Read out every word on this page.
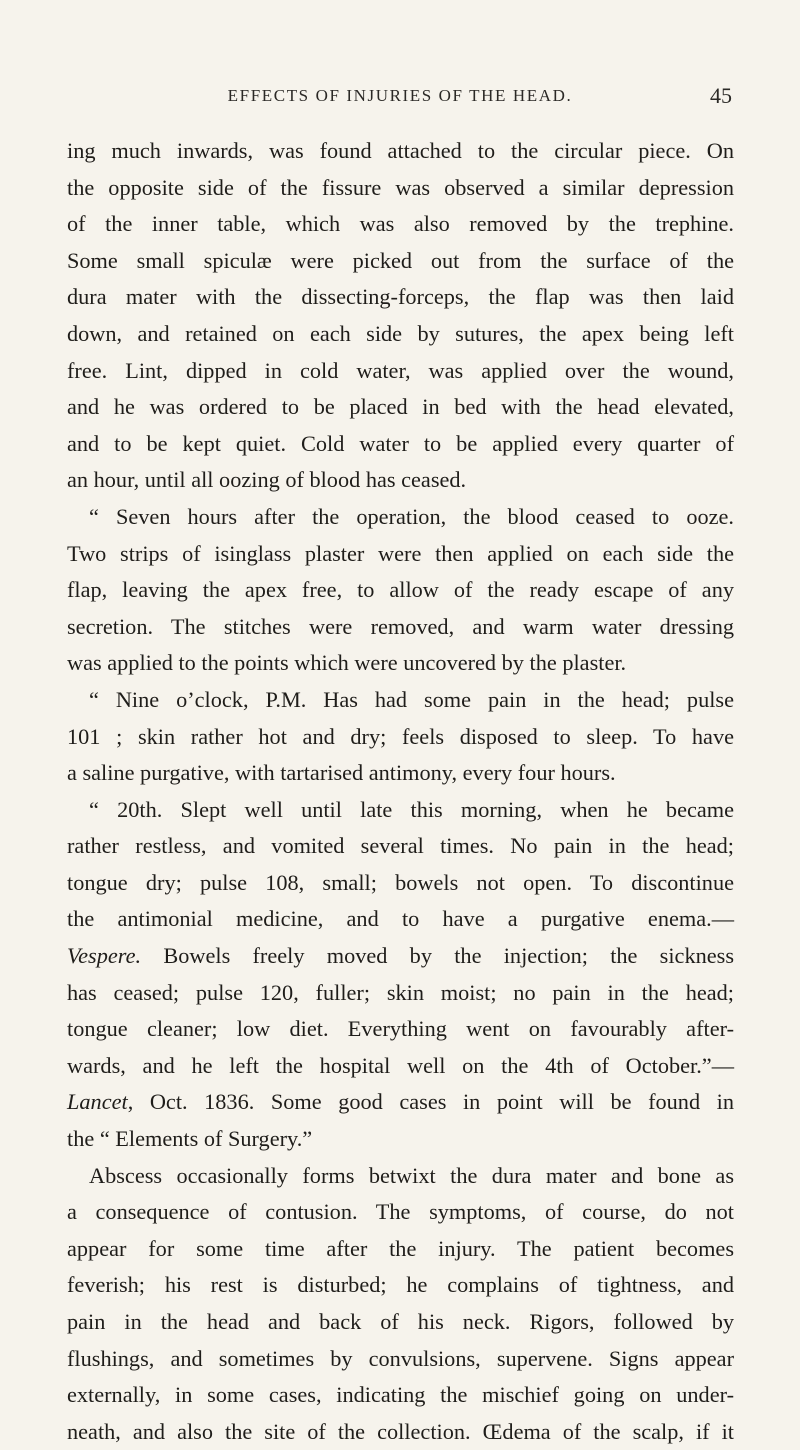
EFFECTS OF INJURIES OF THE HEAD.	45
ing much inwards, was found attached to the circular piece. On
the opposite side of the fissure was observed a similar depression
of the inner table, which was also removed by the trephine.
Some small spiculæ were picked out from the surface of the
dura mater with the dissecting-forceps, the flap was then laid
down, and retained on each side by sutures, the apex being left
free. Lint, dipped in cold water, was applied over the wound,
and he was ordered to be placed in bed with the head elevated,
and to be kept quiet. Cold water to be applied every quarter of
an hour, until all oozing of blood has ceased.
“ Seven hours after the operation, the blood ceased to ooze.
Two strips of isinglass plaster were then applied on each side the
flap, leaving the apex free, to allow of the ready escape of any
secretion. The stitches were removed, and warm water dressing
was applied to the points which were uncovered by the plaster.
“ Nine o’clock, P.M. Has had some pain in the head; pulse
101 ; skin rather hot and dry; feels disposed to sleep. To have
a saline purgative, with tartarised antimony, every four hours.
“ 20th. Slept well until late this morning, when he became
rather restless, and vomited several times. No pain in the head;
tongue dry; pulse 108, small; bowels not open. To discontinue
the antimonial medicine, and to have a purgative enema.—
Vespere. Bowels freely moved by the injection; the sickness
has ceased; pulse 120, fuller; skin moist; no pain in the head;
tongue cleaner; low diet. Everything went on favourably after-
wards, and he left the hospital well on the 4th of October.”—
Lancet, Oct. 1836. Some good cases in point will be found in
the “ Elements of Surgery.”
Abscess occasionally forms betwixt the dura mater and bone as
a consequence of contusion. The symptoms, of course, do not
appear for some time after the injury. The patient becomes
feverish; his rest is disturbed; he complains of tightness, and
pain in the head and back of his neck. Rigors, followed by
flushings, and sometimes by convulsions, supervene. Signs appear
externally, in some cases, indicating the mischief going on under-
neath, and also the site of the collection. Œdema of the scalp, if it
